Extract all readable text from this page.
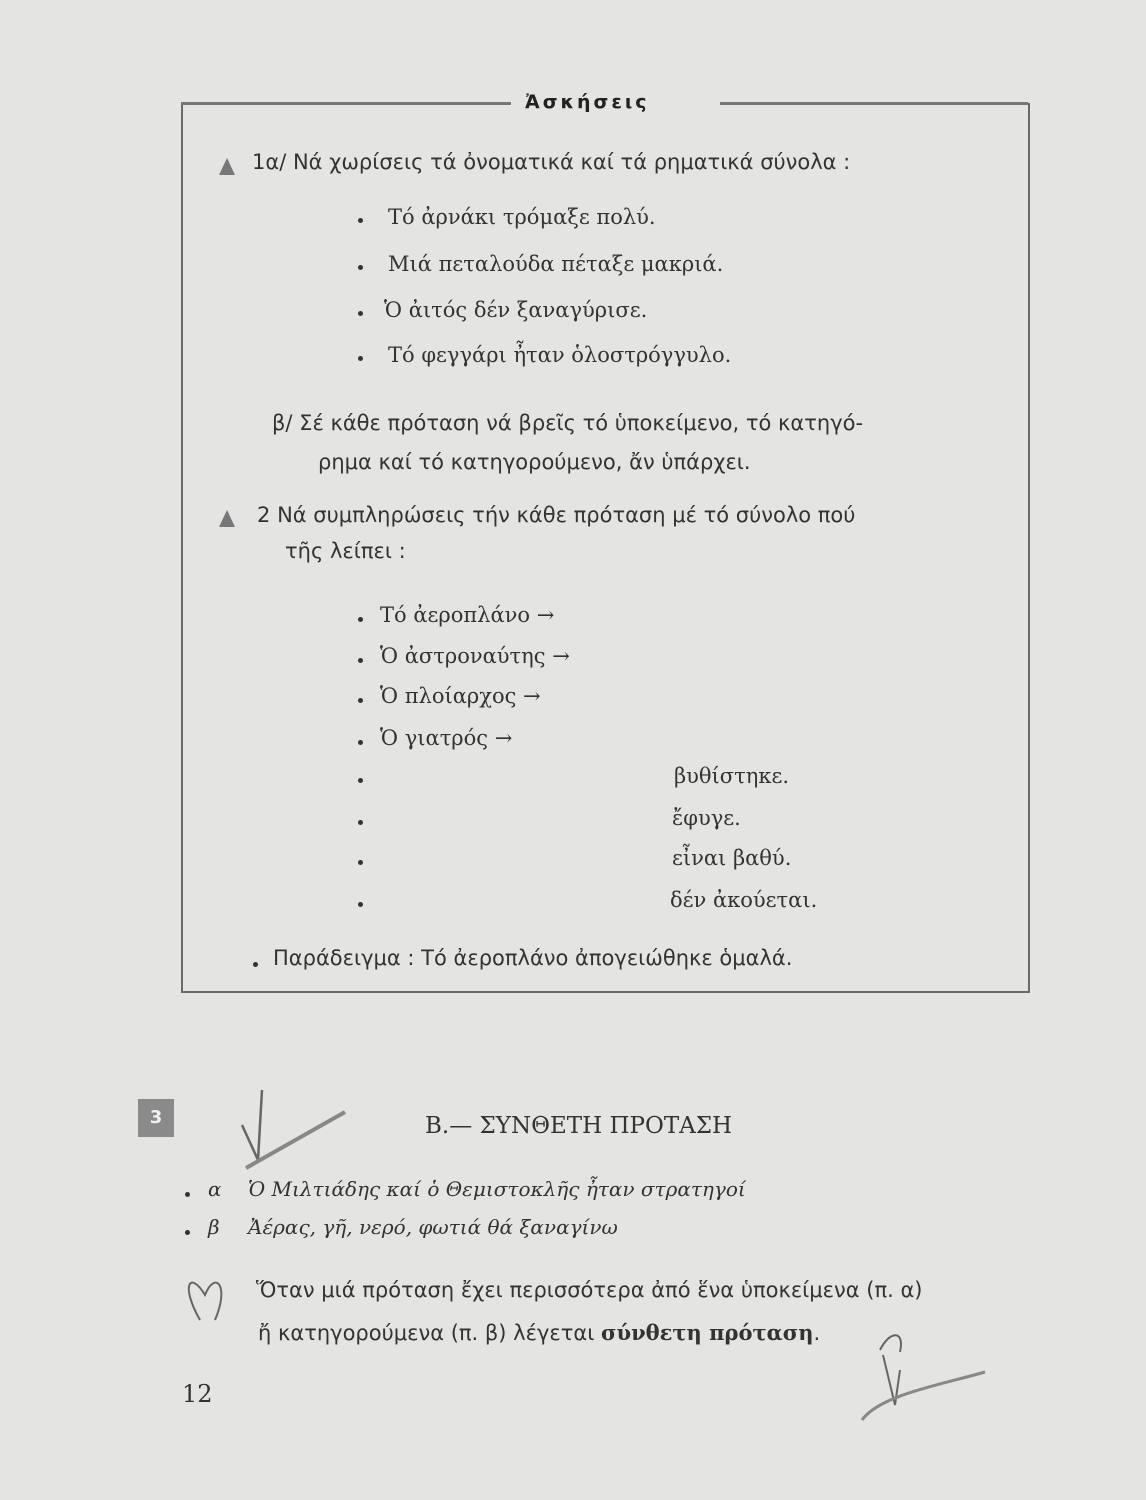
Ἀσκήσεις
1α/ Νά χωρίσεις τά ὀνοματικά καί τά ρηματικά σύνολα :
Τό ἀρνάκι τρόμαξε πολύ.
Μιά πεταλούδα πέταξε μακριά.
Ὁ ἀιτός δέν ξαναγύρισε.
Τό φεγγάρι ἦταν ὁλοστρόγγυλο.
β/ Σέ κάθε πρόταση νά βρεῖς τό ὑποκείμενο, τό κατηγό-
ρημα καί τό κατηγορούμενο, ἄν ὑπάρχει.
2 Νά συμπληρώσεις τήν κάθε πρόταση μέ τό σύνολο πού
τῆς λείπει :
Τό ἀεροπλάνο →
Ὁ ἀστροναύτης →
Ὁ πλοίαρχος →
Ὁ γιατρός →
βυθίστηκε.
ἔφυγε.
εἶναι βαθύ.
δέν ἀκούεται.
Παράδειγμα : Τό ἀεροπλάνο ἀπογειώθηκε ὁμαλά.
3	Β.— ΣΥΝΘΕΤΗ ΠΡΟΤΑΣΗ
α Ὁ Μιλτιάδης καί ὁ Θεμιστοκλῆς ἦταν στρατηγοί
β Ἀέρας, γῆ, νερό, φωτιά θά ξαναγίνω
Ὅταν μιά πρόταση ἔχει περισσότερα ἀπό ἕνα ὑποκείμενα (π. α)
ἤ κατηγορούμενα (π. β) λέγεται σύνθετη πρόταση.
12
